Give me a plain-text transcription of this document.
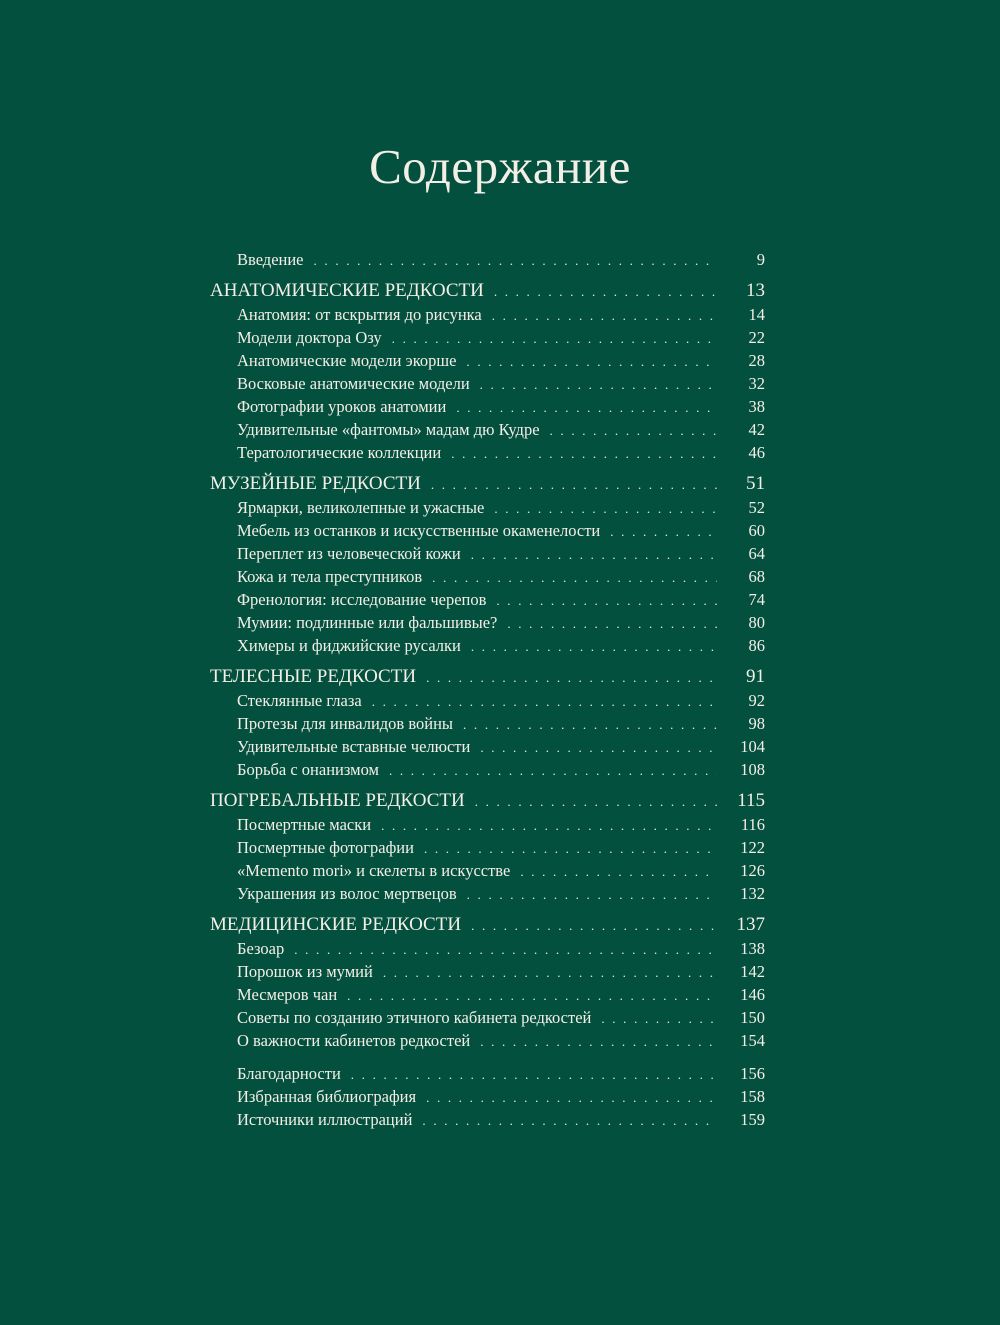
Содержание
Введение . . .	9
АНАТОМИЧЕСКИЕ РЕДКОСТИ . . .	13
Анатомия: от вскрытия до рисунка . . .	14
Модели доктора Озу . . .	22
Анатомические модели экорше . . .	28
Восковые анатомические модели . . .	32
Фотографии уроков анатомии . . .	38
Удивительные «фантомы» мадам дю Кудре . . .	42
Тератологические коллекции . . .	46
МУЗЕЙНЫЕ РЕДКОСТИ . . .	51
Ярмарки, великолепные и ужасные . . .	52
Мебель из останков и искусственные окаменелости . . .	60
Переплет из человеческой кожи . . .	64
Кожа и тела преступников . . .	68
Френология: исследование черепов . . .	74
Мумии: подлинные или фальшивые? . . .	80
Химеры и фиджийские русалки . . .	86
ТЕЛЕСНЫЕ РЕДКОСТИ . . .	91
Стеклянные глаза . . .	92
Протезы для инвалидов войны . . .	98
Удивительные вставные челюсти . . .	104
Борьба с онанизмом . . .	108
ПОГРЕБАЛЬНЫЕ РЕДКОСТИ . . .	115
Посмертные маски . . .	116
Посмертные фотографии . . .	122
«Memento mori» и скелеты в искусстве . . .	126
Украшения из волос мертвецов . . .	132
МЕДИЦИНСКИЕ РЕДКОСТИ . . .	137
Безоар . . .	138
Порошок из мумий . . .	142
Месмеров чан . . .	146
Советы по созданию этичного кабинета редкостей . . .	150
О важности кабинетов редкостей . . .	154
Благодарности . . .	156
Избранная библиография . . .	158
Источники иллюстраций . . .	159
